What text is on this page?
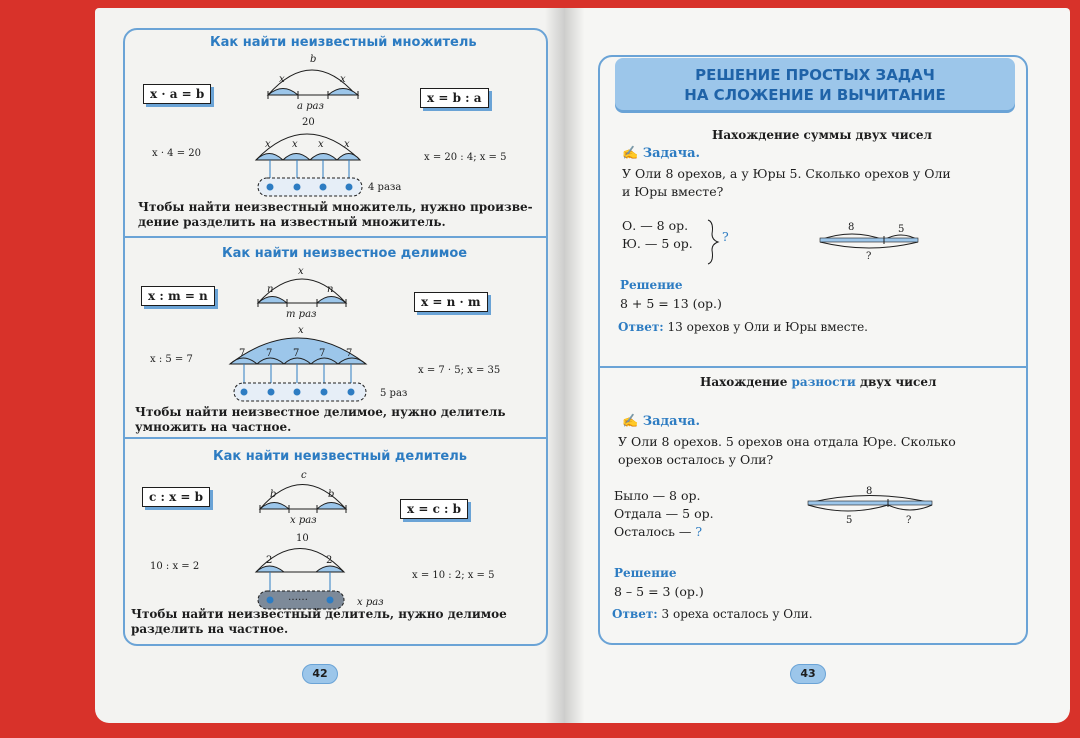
Как найти неизвестный множитель
x · a = b	x = b : a
b
x	x
a раз
20
x · 4 = 20
x x x x
4 раза
x = 20 : 4; x = 5
Чтобы найти неизвестный множитель, нужно произве-
дение разделить на известный множитель.
Как найти неизвестное делимое
x : m = n	x = n · m
x
n	n
m раз
x
x : 5 = 7
7 7 7 7 7
5 раз
x = 7 · 5; x = 35
Чтобы найти неизвестное делимое, нужно делитель
умножить на частное.
Как найти неизвестный делитель
c : x = b
x = c : b
c
b	b
x раз
10
10 : x = 2
2	2
……	x раз
x = 10 : 2; x = 5
Чтобы найти неизвестный делитель, нужно делимое
разделить на частное.
42
РЕШЕНИЕ ПРОСТЫХ ЗАДАЧ
НА СЛОЖЕНИЕ И ВЫЧИТАНИЕ
Нахождение суммы двух чисел
✍ Задача.
У Оли 8 орехов, а у Юры 5. Сколько орехов у Оли
и Юры вместе?
О. — 8 ор.
Ю. — 5 ор. ?
8	5
?
Решение
8 + 5 = 13 (ор.)
Ответ: 13 орехов у Оли и Юры вместе.
Нахождение разности двух чисел
✍ Задача.
У Оли 8 орехов. 5 орехов она отдала Юре. Сколько
орехов осталось у Оли?
Было — 8 ор.
Отдала — 5 ор.
Осталось — ?
8
5	?
Решение
8 – 5 = 3 (ор.)
Ответ: 3 ореха осталось у Оли.
43
